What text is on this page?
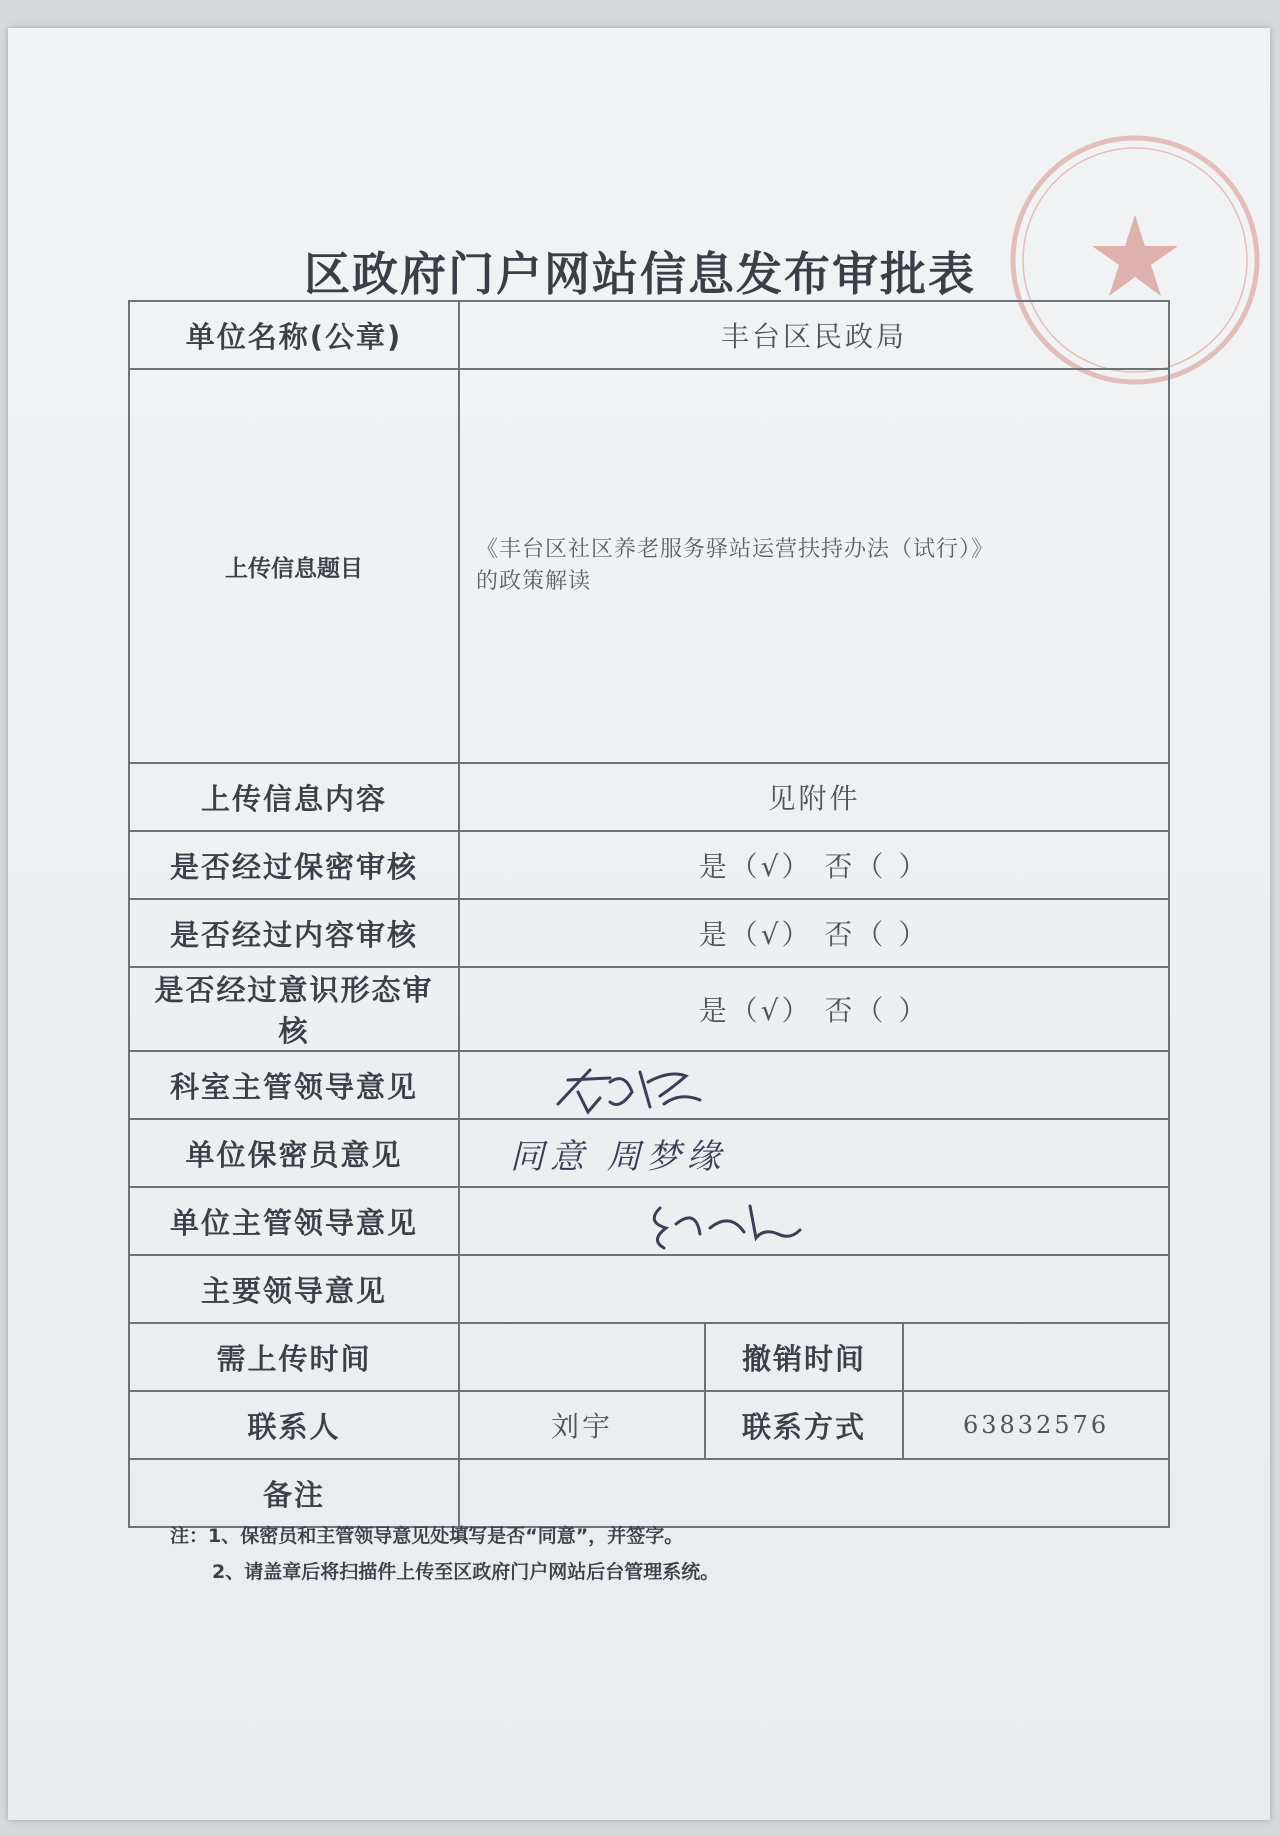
区政府门户网站信息发布审批表
单位名称(公章)	丰台区民政局		
上传信息题目	《丰台区社区养老服务驿站运营扶持办法（试行）》
的政策解读		

上传信息内容	见附件		
是否经过保密审核	是（√） 否（ ）		
是否经过内容审核	是（√） 否（ ）		
是否经过意识形态审核	是（√） 否（ ）		
科室主管领导意见	

单位保密员意见	同意 周梦缘		

单位主管领导意见	

主要领导意见			
需上传时间		撤销时间	
联系人	刘宇	联系方式	63832576
备注			
注：1、保密员和主管领导意见处填写是否“同意”，并签字。
2、请盖章后将扫描件上传至区政府门户网站后台管理系统。
